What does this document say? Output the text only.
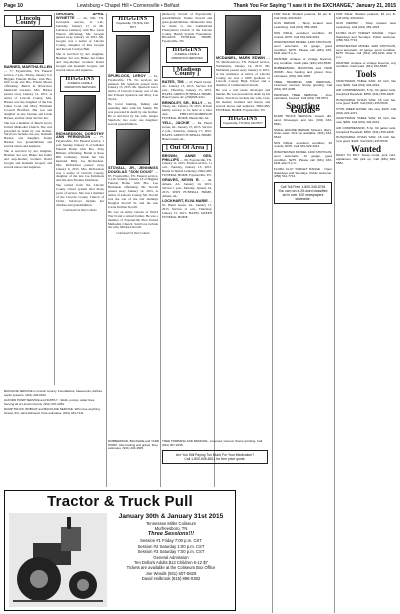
Page 10	Lewisburg • Chapel Hill • Cornersville • Belfast	Thank You For Saying "I saw it in the EXCHANGE," January 21, 2015
[ Lincoln County ]

BARNES, MARTHA ELLEN — 77, Fayetteville, TN. Funeral service, 2 p.m., Friday, January 9 at Higgins Funeral Home, with Bro. Dan Cook and Bro. Edwin Moses officiating. Burial in Riverview Memorial Gardens. Mrs. Barnes passed away January 12, 2015. A native of Lincoln County, Mrs. Barnes was the daughter of the late James Cook and Mary Elizabeth Crowell Bradford. Her son and daughter in law, Donnie and Linda Barnes, and her sister survive her.

She was a member of Beech Grove United Methodist Church. She was preceded in death by one brother. Survivors include one son, Kenneth Barnes; one daughter, Kathy Barnes; two grandchildren and several nieces and nephews.

She is survived by her daughter, Heather; her son, Blake; her father and step-mother; brothers David Grogan and Kenneth Grogan; and several nieces and nephews.

GROGAN, APRIL WYNETTE — 44, Taft, TN. Graveside service, 11 a.m., Saturday, January 17, at Mt. Lebanon Cemetery with Bro. Jason Warren officiating. Ms. Grogan passed away January 14, 2015. Ms. Grogan was a native of Lincoln County, daughter of Rex Grogan and the late Carolyn Hall.

She is survived by her daughter, Heather; her son, Blake; her father and step-mother; brothers David Grogan and Kenneth Grogan; and several nieces and nephews.

HIGGINS
FUNERAL HOME & CREMATION SERVICES

RICHARDSON, DOROTHY ANN PERKINSON — 77, Fayetteville, TN. Funeral service, 1 p.m. Sunday, January 11 at Gallaher Funeral Home with Bro. Tony Billions officiating. Burial at Rose Hill Cemetery. Inside her late husband, Billy Joe Richardson. Mrs. Richardson passed away January 9, 2015. Mrs. Richardson was a native of Lincoln County, daughter of the late Joe Perkinson and Ola Ann Thomas Perkinson.

She retired from the Lincoln County school system after many years of service. She was a member of the Lincoln County Church of Christ. Survivors include her children and grandchildren.

Continued On Next Column
HIGGINS
Fayetteville, TN (931) 433-5577

SPURLOCK, LEROY — 61, Fayetteville, TN. No services are planned. Mr. Spurlock passed away January 13, 2015. Mr. Spurlock was a native of Lincoln County, son of the late Edward Spurlock and Mary Lou Taylor.

He loved hunting, fishing and spending time with his family. He was preceded in death by one brother. He is survived by his wife, Ginger Spurlock; two sons; one daughter; several grandchildren.

STOVALL, JR., JENNINGS DOUGLAS "SON DOUG" — 87, Fayetteville, TN. Funeral service, 2 p.m. Sunday, January 18 at Higgins Funeral Home with Bro. Lee Buchanan officiating. Mr. Stovall passed away January 14, 2015. A native of Lincoln County, Mr. Stovall was the son of the late Jennings Douglas Stovall Sr. and the late Carrie Dollins Stovall.

He was an Army veteran of World War II and a retired farmer. He was a member of Fayetteville First United Methodist Church. Survivors include his wife, Mildred Stovall.

Continued On Next Column

(Rebecca) Stovall of Fayetteville; grandchildren; Tennie Stovall and great-grandchildren. Memorials may be made to the Cumberland Presbyterian Church of the Lincoln County Health System Foundation. HIGGINS FUNERAL HOME, Fayetteville, TN.

HIGGINS
FUNERAL HOME & CREMATION SERVICES
[ Madison County ]

BATES, TIM — 47, Hazel Green, AL. January 13, 2015. Service 6-8 p.m., Thursday, January 15, 2015, HAZEL GREEN FUNERAL HOME, Hazel Green, AL (256)828-4411.

BRINDLEY, SR., BILLY — 81, Toney, AL. January 16, 2015. Private family service to be held at a later date. PHILLIPS-ROBINSON FUNERAL HOME, Huntsville, AL.

YELL, JACKIE — 84, Hazel Green, AL. January 15, 2015. Service 2 p.m., Saturday, January 17, 2015. HAZEL GREEN FUNERAL HOME, Hazel Green, AL.

[ Out Of Area ]

BROWN, ANNE GEIL PHILLIPS — 89, Fayetteville, TN. January 11, 2015. Funeral service, 11 a.m., Tuesday, January 13, 2015. Burial in Shiloh Cemetery. HIGGINS FUNERAL HOME, Fayetteville, TN.

GRAVES, KEVIN R. — 46, Athens, AL. January 14, 2015. Service 1 p.m., Monday, January 19, 2015. SPRY FUNERAL HOME, Athens, AL.

LOCKHART, ELVA MARIE — 91, Hazel Green, AL. January 11, 2015. Service 11 a.m., Thursday, January 15, 2015. HAZEL GREEN FUNERAL HOME.

MCDANIEL, MARK EDWIN — 55, Murfreesboro, TN. Funeral service, Wednesday, January 14, 2015. Mr. McDaniel passed away January 9, 2015, at his residence. A native of Lincoln County, he was a 1980 graduate of Lincoln County High School and a member of Cumberland Church.

He was a real estate developer and builder. He was preceded in death by his father. Survivors include his wife, Lisa; his mother; brothers and sisters; and several nieces and nephews. HIGGINS FUNERAL HOME, Fayetteville, TN.

HIGGINS
Fayetteville, TN (931) 433-5577

FOR SALE: Shelled peanuts, $1 per lb. Call (931) 433-6210.

GUN REPAIR - Shop located near Lewisburg. Call (931) 359-1823.

SKS RIFLE, excellent condition, 30 rounds, $375. Call 931-629-4012.

WINCHESTER MODEL 1400 SHOTGUN, semi automatic, 12 gauge, good condition, $275. Please call (931) 433-6211 after 5 p.m.

WANTED: Antique or vintage firearms, any condition. Cash paid. (931) 224-5530.

RUBBERMAID, BACKHOE and YARD WORK. Also hauling and gravel. Free estimates. (931) 433-1825.

TREE TRIMMING AND REMOVAL. Licensed, insured. Stump grinding. Call (931) 307-2235.

PEOPLES TREE SERVICE - Free estimates, insured. Call (931) 703-5571.

Sporting Goods

DUMP TRUCK SERVICE: Gravel, dirt, sand. Driveways and lots. (931) 433-8841.

SMALL ENGINE REPAIR: Mowers, tillers, chain saws. Pick up available. (931) 433-6613.

SKS RIFLE, excellent condition, 30 rounds, $375. Call 931-629-4012.

WINCHESTER MODEL 1400 SHOTGUN, semi automatic, 12 gauge, good condition, $275. Please call (931) 433-6211 after 5 p.m.

FLORA CLAY TARGET RANGE - Open Saturdays and Sundays. Public welcome. (256) 512-7713.

Call Toll Free 1-800-345-8764
You can run a 25-word classified ad in over 100 newspapers statewide.

FOR SALE: Shelled peanuts, $1 per lb. Call (931) 433-6210.

GUN REPAIR - Shop located near Lewisburg. Call (931) 359-1823.

FLORA CLAY TARGET RANGE - Open Saturdays and Sundays. Public welcome. (256) 512-7713.

WINCHESTER MODEL 1400 SHOTGUN, semi automatic, 12 gauge, good condition, $275. Please call (931) 433-6211 after 5 p.m.

WANTED: Antique or vintage firearms, any condition. Cash paid. (931) 224-5530.

Tools

CRAFTSMAN TABLE SAW, 10 inch, like new, $200. Call (931) 433-2012.

AIR COMPRESSOR, 5 hp, 60 gallon tank, Campbell Hausfeld, $350. (931) 359-1828.

HUSQVARNA CHAIN SAW, 18 inch bar, runs good, $125. Call (931) 433-5540.

STIHL WEED EATER, like new, $125. Call (931) 224-4471.

CRAFTSMAN TABLE SAW, 10 inch, like new, $200. Call (931) 433-2012.

AIR COMPRESSOR, 5 hp, 60 gallon tank, Campbell Hausfeld, $350. (931) 359-1828.

HUSQVARNA CHAIN SAW, 18 inch bar, runs good, $125. Call (931) 433-5540.

Wanted

WANT TO BUY: Scrap metal, junk cars, appliances. We pick up. Call (931) 629-5581.

BACKHOE SERVICE in Lincoln County. Foundations, basements, ditches, septic systems. (931) 433-6612.

ALFORD PUMP SERVICE and SUPPLY - Wells, pumps, water lines. Serving all of Lincoln County. (931) 307-2284.

DUMP TRUCK, BOBCAT and BACKHOE SERVICE. Will move anything. Gravel, dirt, sand delivered. Free estimates. (931) 433-7141.

RUBBERMAID, BACKHOE and YARD WORK. Also hauling and gravel. Free estimates. (931) 433-1825.

TREE TRIMMING AND REMOVAL. Licensed, insured. Stump grinding. Call (931) 307-2235.

Are You Still Paying Too Much For Your Medication?
Call 1-800-606-6521 for free price quote.
Tractor & Truck Pull
January 30th & January 31st 2015
Tennessee Miller Coliseum
Murfreesboro, TN
Three Sessions!!!
Session #1 Friday 7:00 p.m. CST
Session #2 Saturday 1:00 p.m. CST
Session #3 Saturday 7:00 p.m. CST
General Admission
Ten Dollars Adults $13 Children 6-12 $7
Tickets are available at the Coliseum Box Office
Joe Woods (931) 607-5629
David Holbrook (615) 896-0382
